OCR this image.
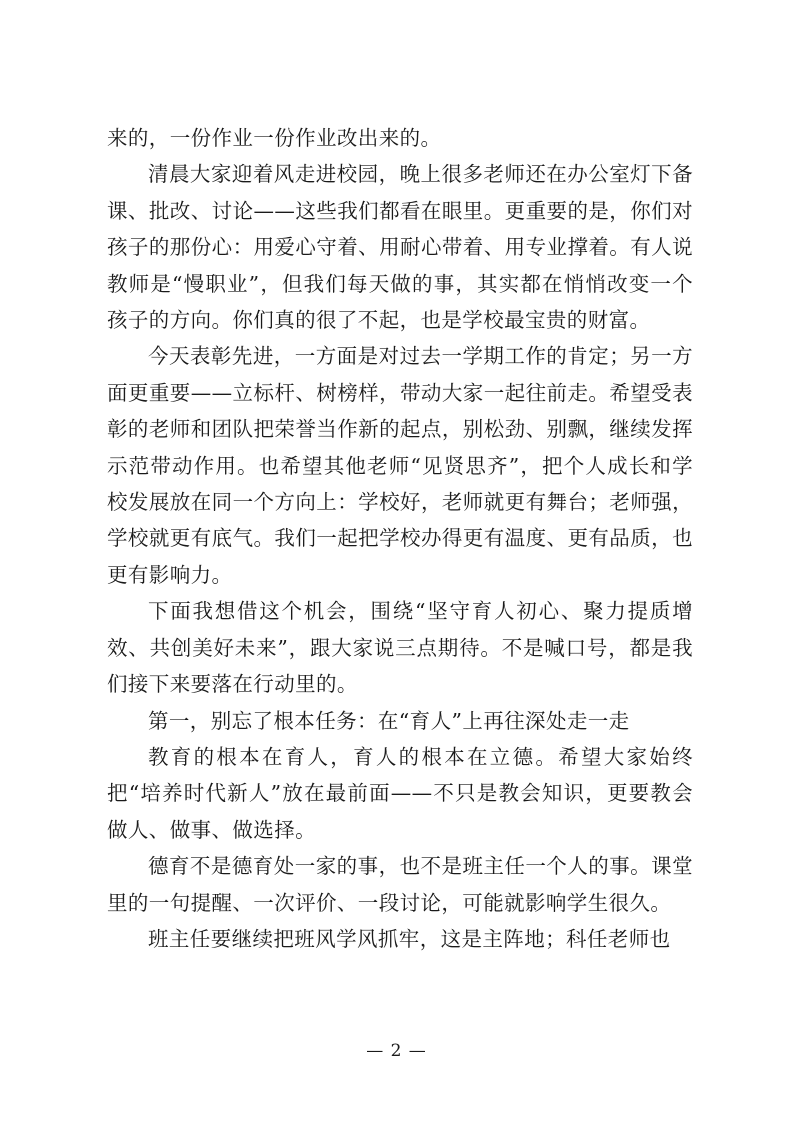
来的，一份作业一份作业改出来的。

清晨大家迎着风走进校园，晚上很多老师还在办公室灯下备课、批改、讨论——这些我们都看在眼里。更重要的是，你们对孩子的那份心：用爱心守着、用耐心带着、用专业撑着。有人说教师是“慢职业”，但我们每天做的事，其实都在悄悄改变一个孩子的方向。你们真的很了不起，也是学校最宝贵的财富。

今天表彰先进，一方面是对过去一学期工作的肯定；另一方面更重要——立标杆、树榜样，带动大家一起往前走。希望受表彰的老师和团队把荣誉当作新的起点，别松劲、别飘，继续发挥示范带动作用。也希望其他老师“见贤思齐”，把个人成长和学校发展放在同一个方向上：学校好，老师就更有舞台；老师强，学校就更有底气。我们一起把学校办得更有温度、更有品质，也更有影响力。

下面我想借这个机会，围绕“坚守育人初心、聚力提质增效、共创美好未来”，跟大家说三点期待。不是喊口号，都是我们接下来要落在行动里的。

第一，别忘了根本任务：在“育人”上再往深处走一走

教育的根本在育人，育人的根本在立德。希望大家始终把“培养时代新人”放在最前面——不只是教会知识，更要教会做人、做事、做选择。

德育不是德育处一家的事，也不是班主任一个人的事。课堂里的一句提醒、一次评价、一段讨论，可能就影响学生很久。

班主任要继续把班风学风抓牢，这是主阵地；科任老师也

— 2 —
